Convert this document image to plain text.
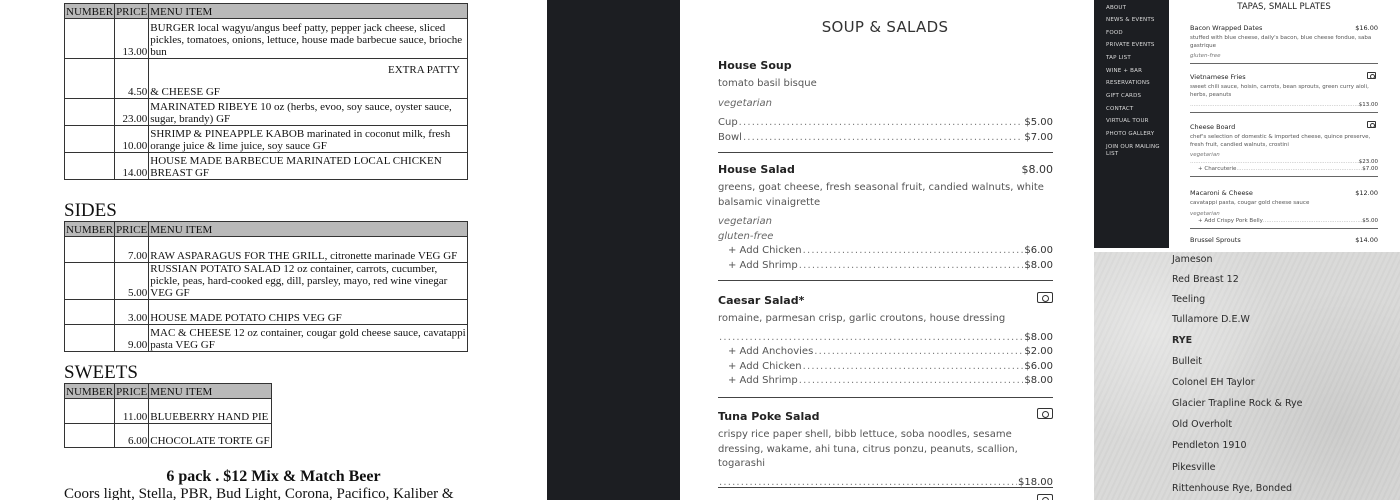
NUMBER	PRICE	MENU ITEM
	13.00	BURGER local wagyu/angus beef patty, pepper jack cheese, sliced pickles, tomatoes, onions, lettuce, house made barbecue sauce, brioche bun
	4.50	EXTRA PATTY
& CHEESE GF
	23.00	MARINATED RIBEYE 10 oz (herbs, evoo, soy sauce, oyster sauce, sugar, brandy) GF
	10.00	SHRIMP & PINEAPPLE KABOB marinated in coconut milk, fresh orange juice & lime juice, soy sauce GF
	14.00	HOUSE MADE BARBECUE MARINATED LOCAL CHICKEN BREAST GF
SIDES
NUMBER	PRICE	MENU ITEM
	7.00	RAW ASPARAGUS FOR THE GRILL, citronette marinade VEG GF
	5.00	RUSSIAN POTATO SALAD 12 oz container, carrots, cucumber, pickle, peas, hard-cooked egg, dill, parsley, mayo, red wine vinegar VEG GF
	3.00	HOUSE MADE POTATO CHIPS VEG GF
	9.00	MAC & CHEESE 12 oz container, cougar gold cheese sauce, cavatappi pasta VEG GF
SWEETS
NUMBER	PRICE	MENU ITEM
	11.00	BLUEBERRY HAND PIE
	6.00	CHOCOLATE TORTE GF
6 pack . $12 Mix & Match Beer
Coors light, Stella, PBR, Bud Light, Corona, Pacifico, Kaliber &
SOUP & SALADS
House Soup
tomato basil bisque
vegetarian
Cup . . .	$5.00
Bowl . . .	$7.00
House Salad	$8.00
greens, goat cheese, fresh seasonal fruit, candied walnuts, white balsamic vinaigrette
vegetarian
gluten-free
+ Add Chicken . . .	$6.00
+ Add Shrimp . . .	$8.00
Caesar Salad*
romaine, parmesan crisp, garlic croutons, house dressing
. . .
$8.00
+ Add Anchovies . . .	$2.00
+ Add Chicken . . .	$6.00
+ Add Shrimp . . .	$8.00
Tuna Poke Salad
crispy rice paper shell, bibb lettuce, soba noodles, sesame dressing, wakame, ahi tuna, citrus ponzu, peanuts, scallion, togarashi
. . .
$18.00
ABOUT
NEWS & EVENTS
FOOD
PRIVATE EVENTS
TAP LIST
WINE + BAR
RESERVATIONS
GIFT CARDS
CONTACT
VIRTUAL TOUR
PHOTO GALLERY
JOIN OUR MAILING LIST
TAPAS, SMALL PLATES
Bacon Wrapped Dates	$16.00
stuffed with blue cheese, daily's bacon, blue cheese fondue, saba gastrique
gluten-free
Vietnamese Fries
sweet chili sauce, hoisin, carrots, bean sprouts, green curry aioli, herbs, peanuts
.....
$13.00
Cheese Board
chef's selection of domestic & imported cheese, quince preserve, fresh fruit, candied walnuts, crostini
vegetarian
.....
$23.00
+ Charcuterie .....	$7.00
Macaroni & Cheese	$12.00
cavatappi pasta, cougar gold cheese sauce
vegetarian
+ Add Crispy Pork Belly .....	$5.00
Brussel Sprouts	$14.00
Jameson
Red Breast 12
Teeling
Tullamore D.E.W
RYE
Bulleit
Colonel EH Taylor
Glacier Trapline Rock & Rye
Old Overholt
Pendleton 1910
Pikesville
Rittenhouse Rye, Bonded
